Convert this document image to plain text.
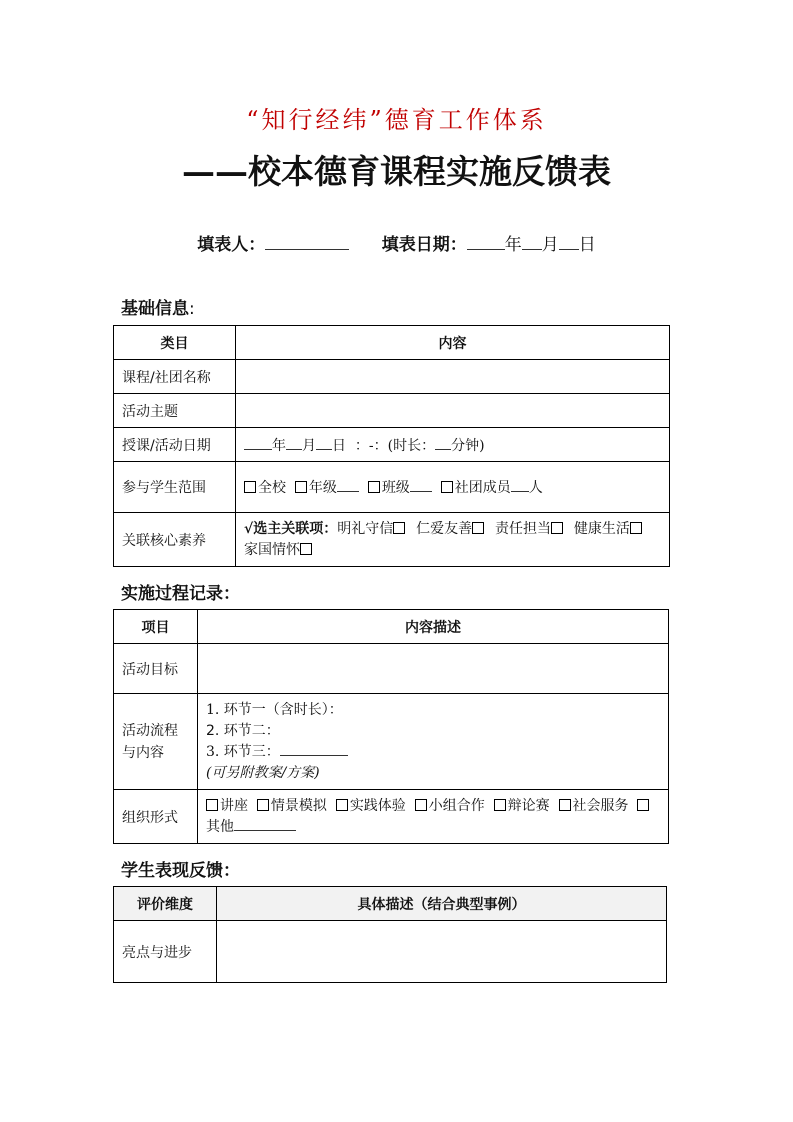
“知行经纬”德育工作体系
——校本德育课程实施反馈表
填表人：	填表日期： 年 月 日
基础信息:
类目	内容
课程/社团名称	
活动主题	
授课/活动日期	年 月 日 ：-：(时长： 分钟)
参与学生范围	全校 年级 班级 社团成员 人
关联核心素养	√选主关联项：明礼守信 仁爱友善 责任担当 健康生活  家国情怀
实施过程记录：
项目	内容描述
活动目标	
活动流程与内容	1. 环节一（含时长）：
2. 环节二：
3. 环节三：
(可另附教案/方案)

组织形式	讲座 情景模拟 实践体验 小组合作 辩论赛 社会服务  其他
学生表现反馈：
评价维度	具体描述（结合典型事例）
亮点与进步	
